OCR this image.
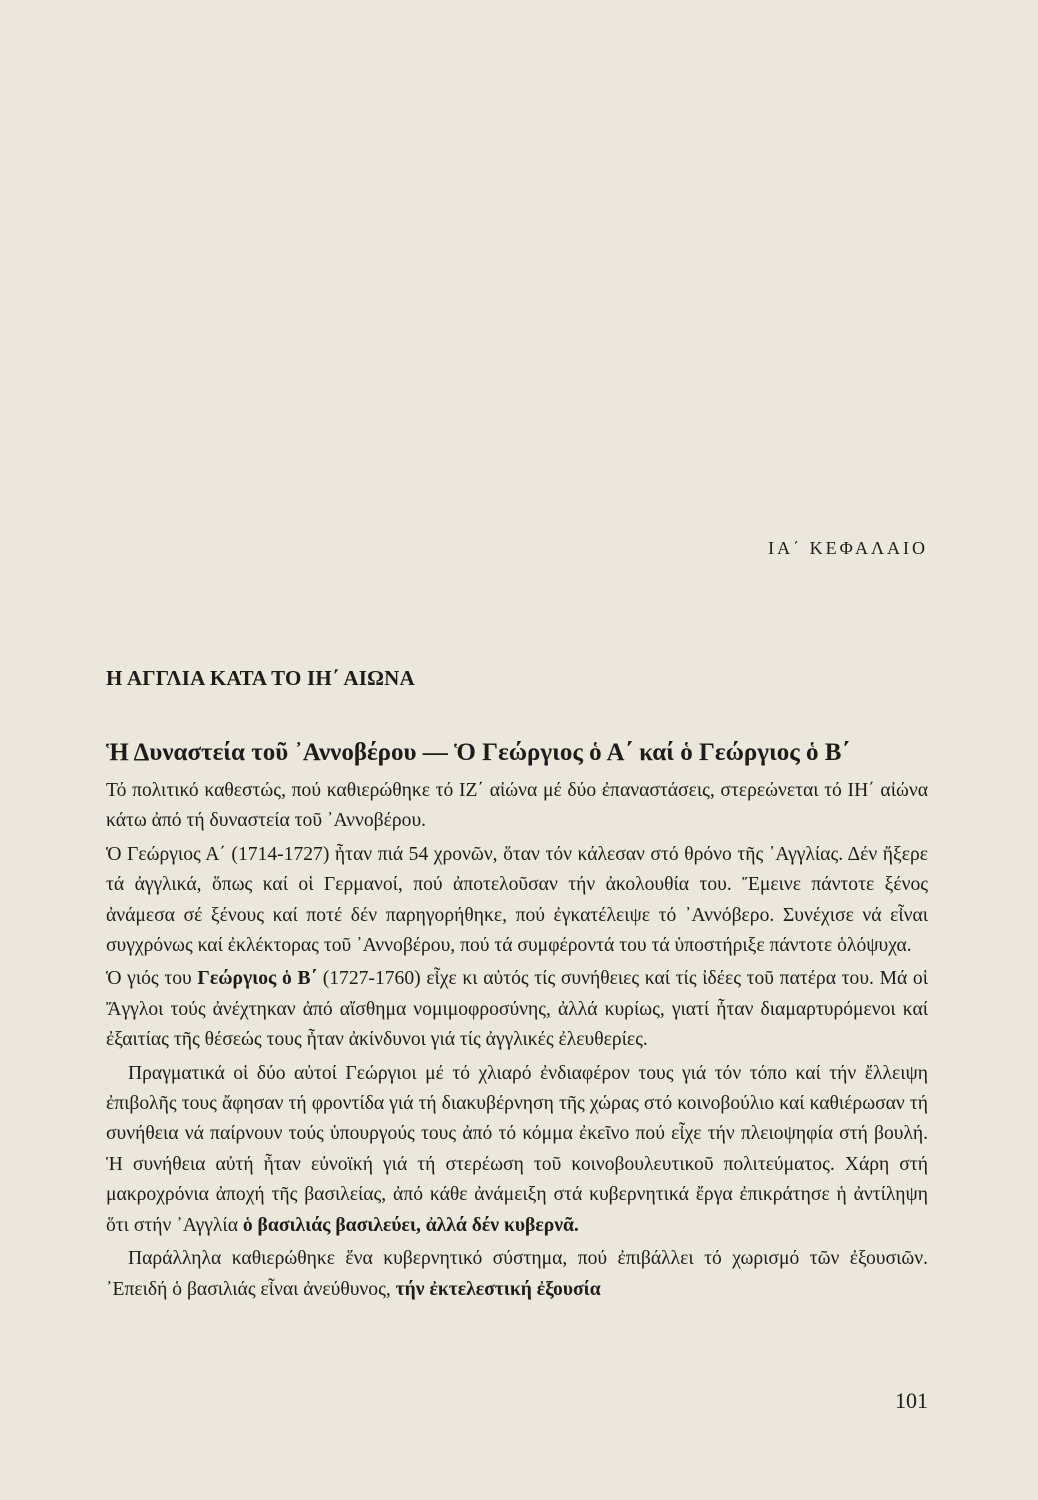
ΙΑ΄ ΚΕΦΑΛΑΙΟ
Η ΑΓΓΛΙΑ ΚΑΤΑ ΤΟ ΙΗ΄ ΑΙΩΝΑ
Ἡ Δυναστεία τοῦ ᾿Αννοβέρου — Ὁ Γεώργιος ὁ Α΄ καί ὁ Γεώργιος ὁ Β΄

Τό πολιτικό καθεστώς, πού καθιερώθηκε τό ΙΖ΄ αἰώνα μέ δύο ἐπαναστάσεις, στερεώνεται τό ΙΗ΄ αἰώνα κάτω ἀπό τή δυναστεία τοῦ ᾿Αννοβέρου.

Ὁ Γεώργιος Α΄ (1714-1727) ἦταν πιά 54 χρονῶν, ὅταν τόν κάλεσαν στό θρόνο τῆς ᾿Αγγλίας. Δέν ἤξερε τά ἀγγλικά, ὅπως καί οἱ Γερμανοί, πού ἀποτελοῦσαν τήν ἀκολουθία του. Ἔμεινε πάντοτε ξένος ἀνάμεσα σέ ξένους καί ποτέ δέν παρηγορήθηκε, πού ἐγκατέλειψε τό ᾿Αννόβερο. Συνέχισε νά εἶναι συγχρόνως καί ἐκλέκτορας τοῦ ᾿Αννοβέρου, πού τά συμφέροντά του τά ὑποστήριξε πάντοτε ὁλόψυχα.

Ὁ γιός του Γεώργιος ὁ Β΄ (1727-1760) εἶχε κι αὐτός τίς συνήθειες καί τίς ἰδέες τοῦ πατέρα του. Μά οἱ Ἄγγλοι τούς ἀνέχτηκαν ἀπό αἴσθημα νομιμοφροσύνης, ἀλλά κυρίως, γιατί ἦταν διαμαρτυρόμενοι καί ἐξαιτίας τῆς θέσεώς τους ἦταν ἀκίνδυνοι γιά τίς ἀγγλικές ἐλευθερίες.

Πραγματικά οἱ δύο αὐτοί Γεώργιοι μέ τό χλιαρό ἐνδιαφέρον τους γιά τόν τόπο καί τήν ἔλλειψη ἐπιβολῆς τους ἄφησαν τή φροντίδα γιά τή διακυβέρνηση τῆς χώρας στό κοινοβούλιο καί καθιέρωσαν τή συνήθεια νά παίρνουν τούς ὑπουργούς τους ἀπό τό κόμμα ἐκεῖνο πού εἶχε τήν πλειοψηφία στή βουλή. Ἡ συνήθεια αὐτή ἦταν εὐνοϊκή γιά τή στερέωση τοῦ κοινοβουλευτικοῦ πολιτεύματος. Χάρη στή μακροχρόνια ἀποχή τῆς βασιλείας, ἀπό κάθε ἀνάμειξη στά κυβερνητικά ἔργα ἐπικράτησε ἡ ἀντίληψη ὅτι στήν ᾿Αγγλία ὁ βασιλιάς βασιλεύει, ἀλλά δέν κυβερνᾶ.

Παράλληλα καθιερώθηκε ἕνα κυβερνητικό σύστημα, πού ἐπιβάλλει τό χωρισμό τῶν ἐξουσιῶν. ᾿Επειδή ὁ βασιλιάς εἶναι ἀνεύθυνος, τήν ἐκτελεστική ἐξουσία

101
